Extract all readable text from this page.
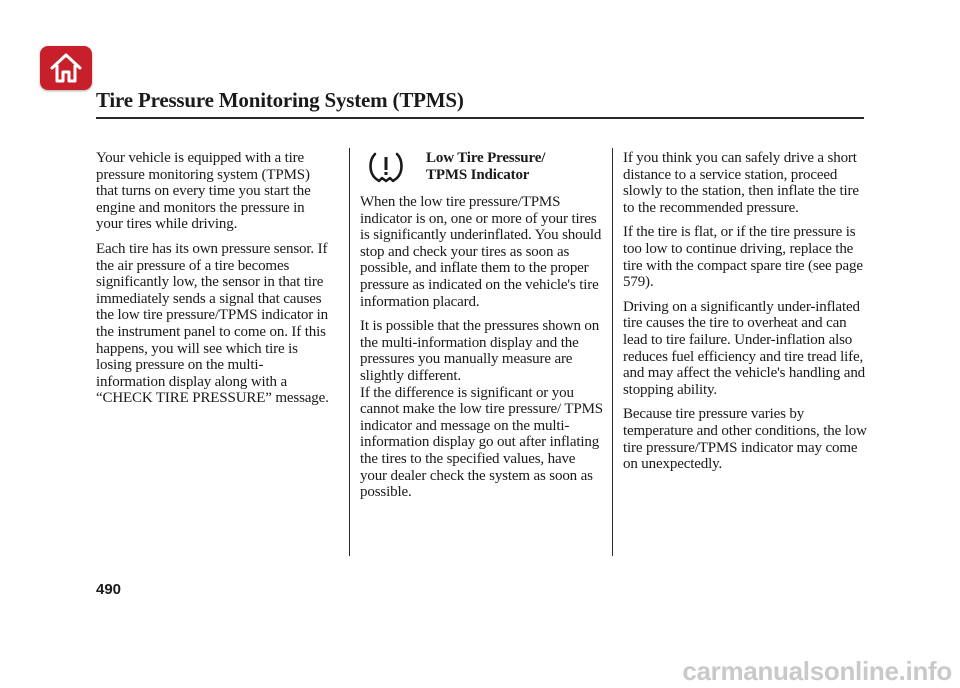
Tire Pressure Monitoring System (TPMS)

Your vehicle is equipped with a tire pressure monitoring system (TPMS) that turns on every time you start the engine and monitors the pressure in your tires while driving.

Each tire has its own pressure sensor. If the air pressure of a tire becomes significantly low, the sensor in that tire immediately sends a signal that causes the low tire pressure/TPMS indicator in the instrument panel to come on. If this happens, you will see which tire is losing pressure on the multi-information display along with a “CHECK TIRE PRESSURE” message.

Low Tire Pressure/
TPMS Indicator

When the low tire pressure/TPMS indicator is on, one or more of your tires is significantly underinflated. You should stop and check your tires as soon as possible, and inflate them to the proper pressure as indicated on the vehicle's tire information placard.

It is possible that the pressures shown on the multi-information display and the pressures you manually measure are slightly different.

If the difference is significant or you cannot make the low tire pressure/ TPMS indicator and message on the multi-information display go out after inflating the tires to the specified values, have your dealer check the system as soon as possible.

If you think you can safely drive a short distance to a service station, proceed slowly to the station, then inflate the tire to the recommended pressure.

If the tire is flat, or if the tire pressure is too low to continue driving, replace the tire with the compact spare tire (see page 579).

Driving on a significantly under-inflated tire causes the tire to overheat and can lead to tire failure. Under-inflation also reduces fuel efficiency and tire tread life, and may affect the vehicle's handling and stopping ability.

Because tire pressure varies by temperature and other conditions, the low tire pressure/TPMS indicator may come on unexpectedly.

490
carmanualsonline.info
